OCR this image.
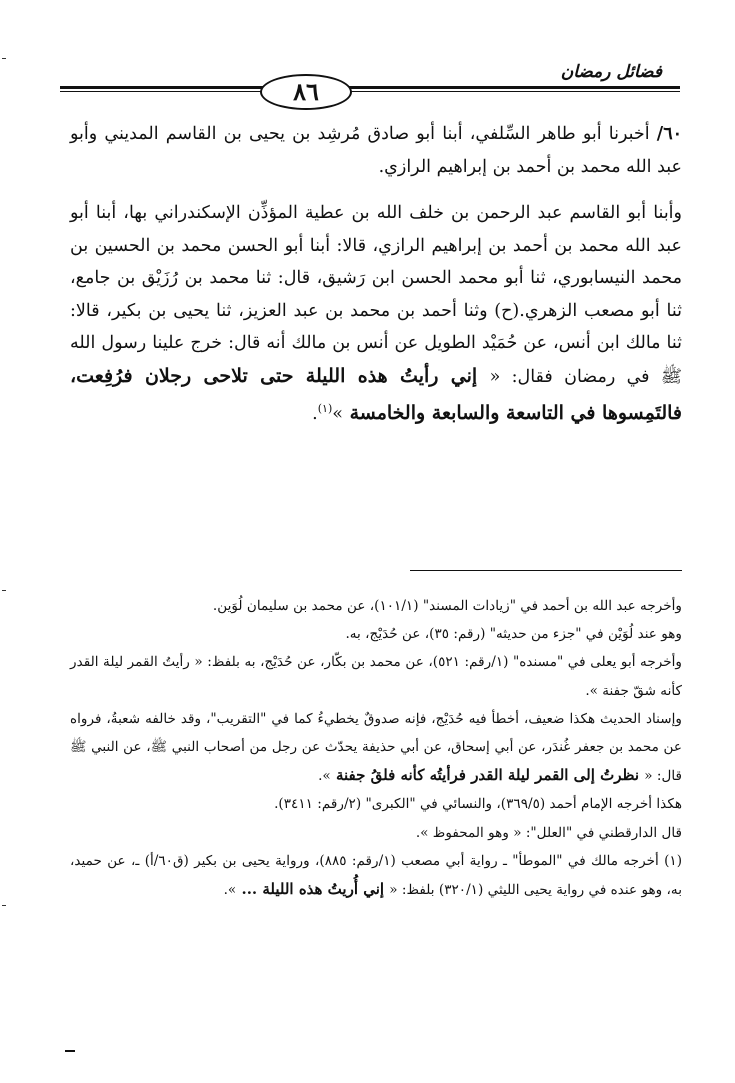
فضائل رمضان
٨٦

٦٠/ أخبرنا أبو طاهر السِّلفي، أبنا أبو صادق مُرشِد بن يحيى بن القاسم المديني وأبو عبد الله محمد بن أحمد بن إبراهيم الرازي.

وأبنا أبو القاسم عبد الرحمن بن خلف الله بن عطية المؤذِّن الإسكندراني بها، أبنا أبو عبد الله محمد بن أحمد بن إبراهيم الرازي، قالا: أبنا أبو الحسن محمد بن الحسين بن محمد النيسابوري، ثنا أبو محمد الحسن ابن رَشيق، قال: ثنا محمد بن رُزَيْق بن جامع، ثنا أبو مصعب الزهري.(ح) وثنا أحمد بن محمد بن عبد العزيز، ثنا يحيى بن بكير، قالا: ثنا مالك ابن أنس، عن حُمَيْد الطويل عن أنس بن مالك أنه قال: خرج علينا رسول الله ﷺ في رمضان فقال: « إني رأيتُ هذه الليلة حتى تلاحى رجلان فرُفِعت، فالتَمِسوها في التاسعة والسابعة والخامسة »$^{(١)}$.

وأخرجه عبد الله بن أحمد في "زيادات المسند" (١٠١/١)، عن محمد بن سليمان لُوَين.

وهو عند لُوَيْن في "جزء من حديثه" (رقم: ٣٥)، عن حُدَيْج، به.

وأخرجه أبو يعلى في "مسنده" (١/رقم: ٥٢١)، عن محمد بن بكّار، عن حُدَيْج، به بلفظ: « رأيتُ القمر ليلة القدر كأنه شقّ جفنة ».

وإسناد الحديث هكذا ضعيف، أخطأ فيه حُدَيْج، فإنه صدوقٌ يخطيءُ كما في "التقريب"، وقد خالفه شعبةُ، فرواه عن محمد بن جعفر غُندَر، عن أبي إسحاق، عن أبي حذيفة يحدّث عن رجل من أصحاب النبي ﷺ، عن النبي ﷺ قال: « نظرتُ إلى القمر ليلة القدر فرأيتُه كأنه فلقُ جفنة ».

هكذا أخرجه الإمام أحمد (٣٦٩/٥)، والنسائي في "الكبرى" (٢/رقم: ٣٤١١).

قال الدارقطني في "العلل": « وهو المحفوظ ».

(١) أخرجه مالك في "الموطأ" ـ رواية أبي مصعب (١/رقم: ٨٨٥)، ورواية يحيى بن بكير (ق٦٠/أ) ـ، عن حميد، به، وهو عنده في رواية يحيى الليثي (٣٢٠/١) بلفظ: « إني أُريتُ هذه الليلة ... ».
